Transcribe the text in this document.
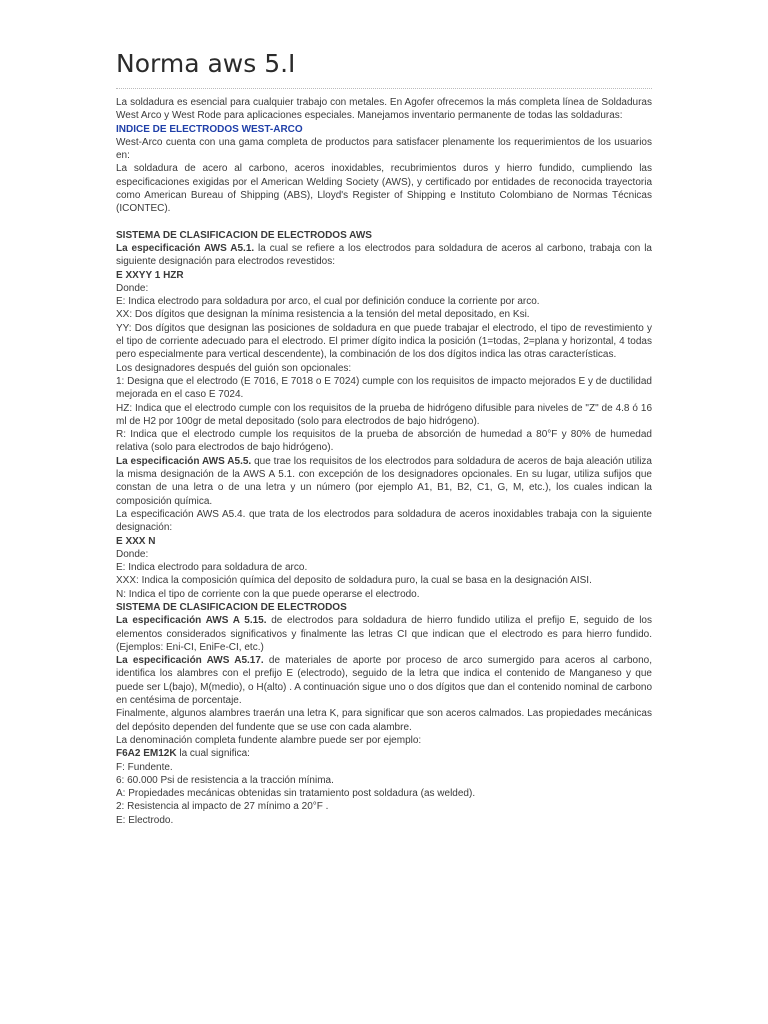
Norma aws 5.I

La soldadura es esencial para cualquier trabajo con metales. En Agofer ofrecemos la más completa línea de Soldaduras West Arco y West Rode para aplicaciones especiales. Manejamos inventario permanente de todas las soldaduras:

INDICE DE ELECTRODOS WEST-ARCO

West-Arco cuenta con una gama completa de productos para satisfacer plenamente los requerimientos de los usuarios en:

La soldadura de acero al carbono, aceros inoxidables, recubrimientos duros y hierro fundido, cumpliendo las especificaciones exigidas por el American Welding Society (AWS), y certificado por entidades de reconocida trayectoria como American Bureau of Shipping (ABS), Lloyd's Register of Shipping e Instituto Colombiano de Normas Técnicas (ICONTEC).

SISTEMA DE CLASIFICACION DE ELECTRODOS AWS

La especificación AWS A5.1. la cual se refiere a los electrodos para soldadura de aceros al carbono, trabaja con la siguiente designación para electrodos revestidos:

E XXYY 1 HZR

Donde:

E: Indica electrodo para soldadura por arco, el cual por definición conduce la corriente por arco.

XX: Dos dígitos que designan la mínima resistencia a la tensión del metal depositado, en Ksi.

YY: Dos dígitos que designan las posiciones de soldadura en que puede trabajar el electrodo, el tipo de revestimiento y el tipo de corriente adecuado para el electrodo. El primer dígito indica la posición (1=todas, 2=plana y horizontal, 4 todas pero especialmente para vertical descendente), la combinación de los dos dígitos indica las otras características.

Los designadores después del guión son opcionales:

1: Designa que el electrodo (E 7016, E 7018 o E 7024) cumple con los requisitos de impacto mejorados E y de ductilidad mejorada en el caso E 7024.

HZ: Indica que el electrodo cumple con los requisitos de la prueba de hidrógeno difusible para niveles de "Z" de 4.8 ó 16 ml de H2 por 100gr de metal depositado (solo para electrodos de bajo hidrógeno).

R: Indica que el electrodo cumple los requisitos de la prueba de absorción de humedad a 80°F y 80% de humedad relativa (solo para electrodos de bajo hidrógeno).

La especificación AWS A5.5. que trae los requisitos de los electrodos para soldadura de aceros de baja aleación utiliza la misma designación de la AWS A 5.1. con excepción de los designadores opcionales. En su lugar, utiliza sufijos que constan de una letra o de una letra y un número (por ejemplo A1, B1, B2, C1, G, M, etc.), los cuales indican la composición química.

La especificación AWS A5.4. que trata de los electrodos para soldadura de aceros inoxidables trabaja con la siguiente designación:

E XXX N

Donde:

E: Indica electrodo para soldadura de arco.

XXX: Indica la composición química del deposito de soldadura puro, la cual se basa en la designación AISI.

N: Indica el tipo de corriente con la que puede operarse el electrodo.

SISTEMA DE CLASIFICACION DE ELECTRODOS

La especificación AWS A 5.15. de electrodos para soldadura de hierro fundido utiliza el prefijo E, seguido de los elementos considerados significativos y finalmente las letras CI que indican que el electrodo es para hierro fundido. (Ejemplos: Eni-CI, EniFe-CI, etc.)

La especificación AWS A5.17. de materiales de aporte por proceso de arco sumergido para aceros al carbono, identifica los alambres con el prefijo E (electrodo), seguido de la letra que indica el contenido de Manganeso y que puede ser L(bajo), M(medio), o H(alto) . A continuación sigue uno o dos dígitos que dan el contenido nominal de carbono en centésima de porcentaje.

Finalmente, algunos alambres traerán una letra K, para significar que son aceros calmados. Las propiedades mecánicas del depósito dependen del fundente que se use con cada alambre.

La denominación completa fundente alambre puede ser por ejemplo:

F6A2 EM12K la cual significa:

F: Fundente.

6: 60.000 Psi de resistencia a la tracción mínima.

A: Propiedades mecánicas obtenidas sin tratamiento post soldadura (as welded).

2: Resistencia al impacto de 27 mínimo a 20°F .

E: Electrodo.
